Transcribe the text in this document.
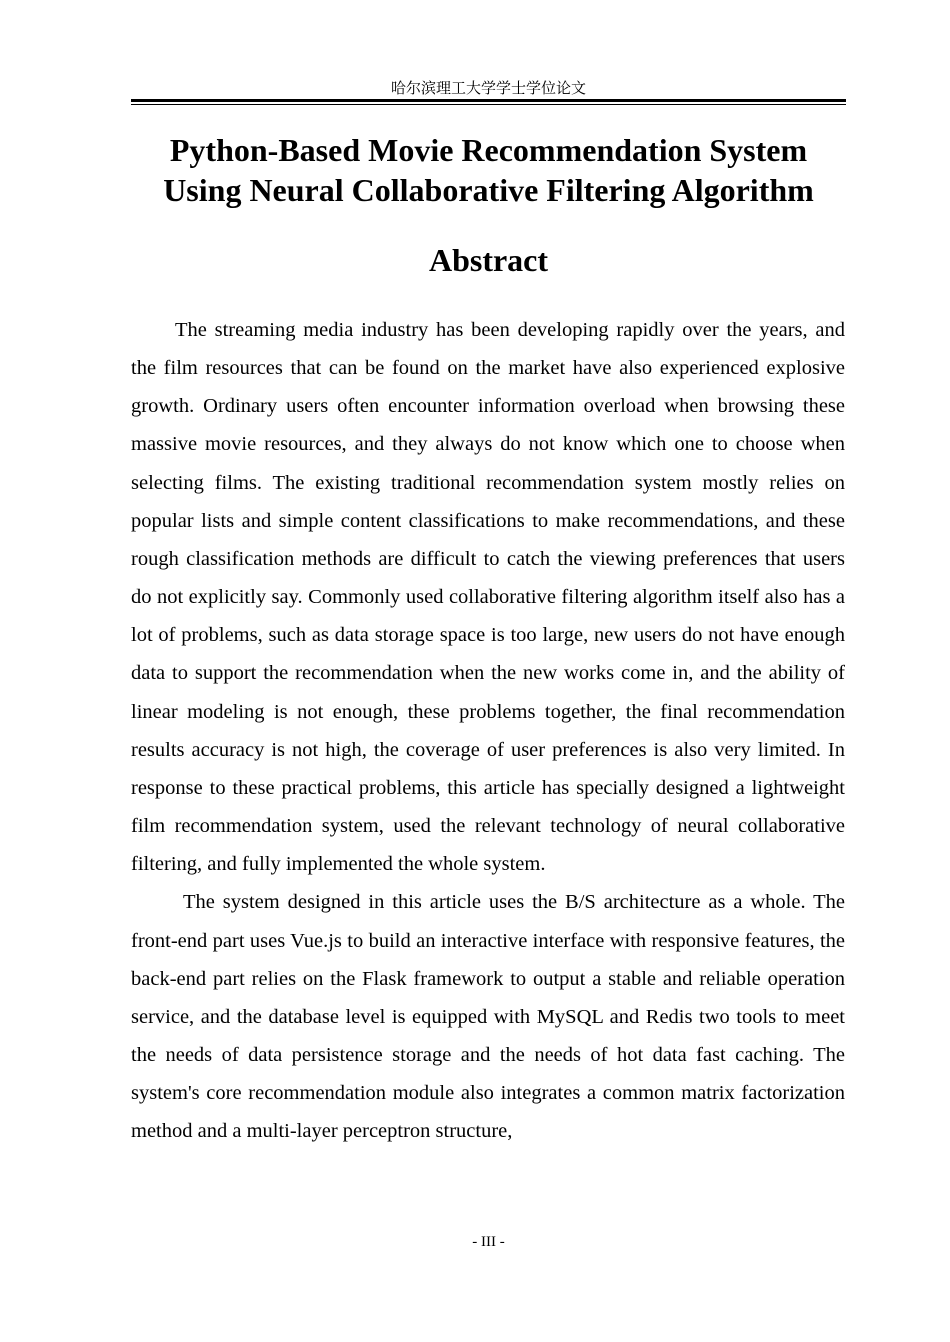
哈尔滨理工大学学士学位论文
Python-Based Movie Recommendation System
Using Neural Collaborative Filtering Algorithm
Abstract

The streaming media industry has been developing rapidly over the years, and the film resources that can be found on the market have also experienced explosive growth. Ordinary users often encounter information overload when browsing these massive movie resources, and they always do not know which one to choose when selecting films. The existing traditional recommendation system mostly relies on popular lists and simple content classifications to make recommendations, and these rough classification methods are difficult to catch the viewing preferences that users do not explicitly say. Commonly used collaborative filtering algorithm itself also has a lot of problems, such as data storage space is too large, new users do not have enough data to support the recommendation when the new works come in, and the ability of linear modeling is not enough, these problems together, the final recommendation results accuracy is not high, the coverage of user preferences is also very limited. In response to these practical problems, this article has specially designed a lightweight film recommendation system, used the relevant technology of neural collaborative filtering, and fully implemented the whole system.

The system designed in this article uses the B/S architecture as a whole. The front-end part uses Vue.js to build an interactive interface with responsive features, the back-end part relies on the Flask framework to output a stable and reliable operation service, and the database level is equipped with MySQL and Redis two tools to meet the needs of data persistence storage and the needs of hot data fast caching. The system's core recommendation module also integrates a common matrix factorization method and a multi-layer perceptron structure,

- III -
